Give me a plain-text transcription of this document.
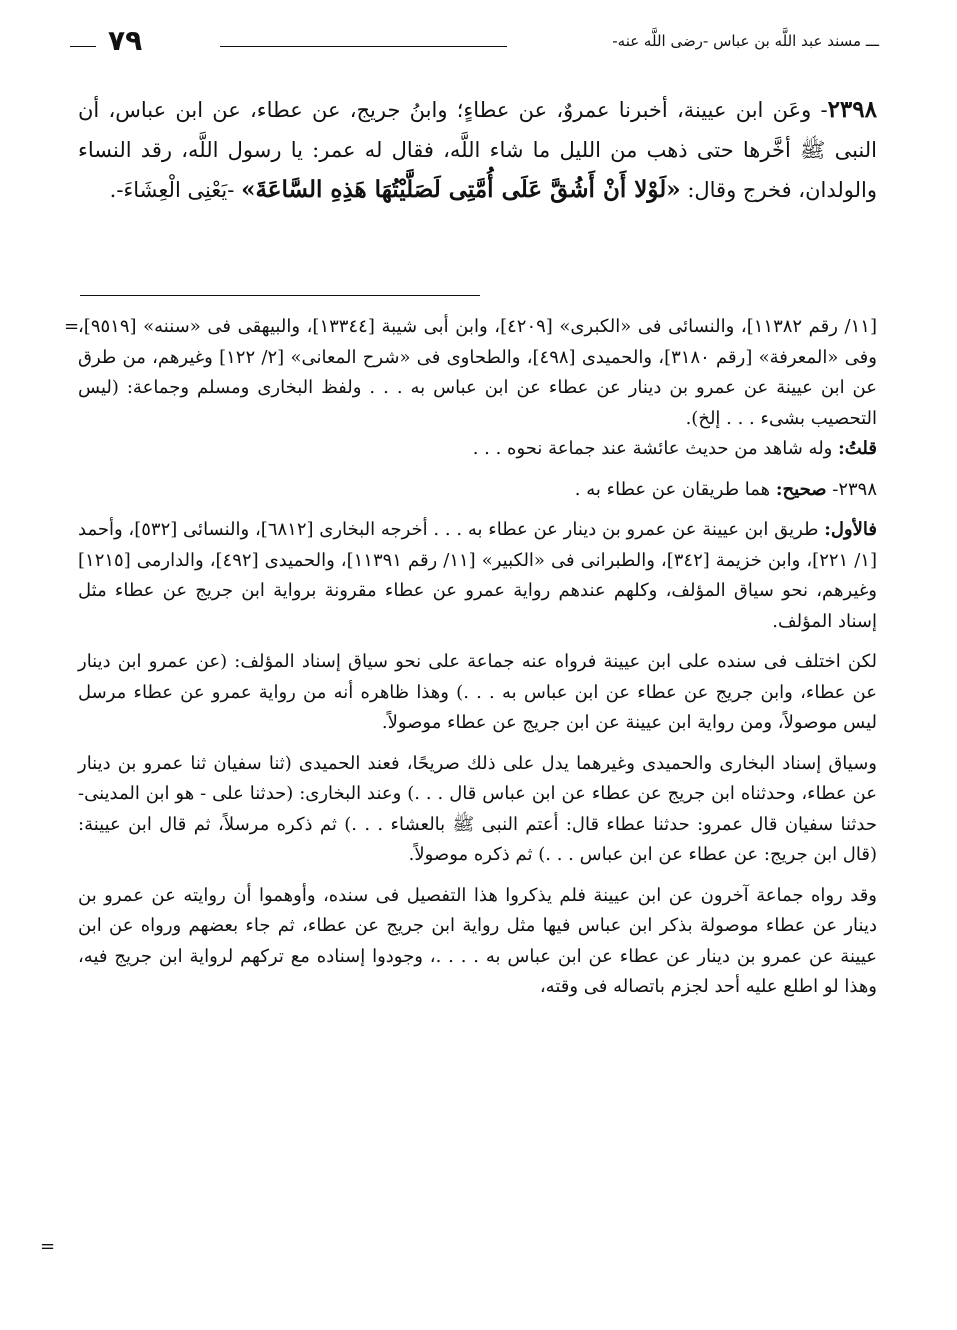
ـــ مسند عبد اللَّه بن عباس -رضى اللَّه عنه-
٧٩

٢٣٩٨- وعَن ابن عيينة، أخبرنا عمروٌ، عن عطاءٍ؛ وابنُ جريج، عن عطاء، عن ابن عباس، أن النبى ﷺ أخَّرها حتى ذهب من الليل ما شاء اللَّه، فقال له عمر: يا رسول اللَّه، رقد النساء والولدان، فخرج وقال: «لَوْلا أَنْ أَشُقَّ عَلَى أُمَّتِى لَصَلَّيْتُهَا هَذِهِ السَّاعَةَ» -يَعْنِى الْعِشَاءَ-.

=

[١١/ رقم ١١٣٨٢]، والنسائى فى «الكبرى» [٤٢٠٩]، وابن أبى شيبة [١٣٣٤٤]، والبيهقى فى «سننه» [٩٥١٩]، وفى «المعرفة» [رقم ٣١٨٠]، والحميدى [٤٩٨]، والطحاوى فى «شرح المعانى» [٢/ ١٢٢] وغيرهم، من طرق عن ابن عيينة عن عمرو بن دينار عن عطاء عن ابن عباس به . . . ولفظ البخارى ومسلم وجماعة: (ليس التحصيب بشىء . . . إلخ).

قلتُ: وله شاهد من حديث عائشة عند جماعة نحوه . . .

٢٣٩٨- صحيح: هما طريقان عن عطاء به .

فالأول: طريق ابن عيينة عن عمرو بن دينار عن عطاء به . . . أخرجه البخارى [٦٨١٢]، والنسائى [٥٣٢]، وأحمد [١/ ٢٢١]، وابن خزيمة [٣٤٢]، والطبرانى فى «الكبير» [١١/ رقم ١١٣٩١]، والحميدى [٤٩٢]، والدارمى [١٢١٥] وغيرهم، نحو سياق المؤلف، وكلهم عندهم رواية عمرو عن عطاء مقرونة برواية ابن جريج عن عطاء مثل إسناد المؤلف.

لكن اختلف فى سنده على ابن عيينة فرواه عنه جماعة على نحو سياق إسناد المؤلف: (عن عمرو ابن دينار عن عطاء، وابن جريج عن عطاء عن ابن عباس به . . .) وهذا ظاهره أنه من رواية عمرو عن عطاء مرسل ليس موصولاً، ومن رواية ابن عيينة عن ابن جريج عن عطاء موصولاً.

وسياق إسناد البخارى والحميدى وغيرهما يدل على ذلك صريحًا، فعند الحميدى (ثنا سفيان ثنا عمرو بن دينار عن عطاء، وحدثناه ابن جريج عن عطاء عن ابن عباس قال . . .) وعند البخارى: (حدثنا على - هو ابن المدينى- حدثنا سفيان قال عمرو: حدثنا عطاء قال: أعتم النبى ﷺ بالعشاء . . .) ثم ذكره مرسلاً، ثم قال ابن عيينة: (قال ابن جريج: عن عطاء عن ابن عباس . . .) ثم ذكره موصولاً.

وقد رواه جماعة آخرون عن ابن عيينة فلم يذكروا هذا التفصيل فى سنده، وأوهموا أن روايته عن عمرو بن دينار عن عطاء موصولة بذكر ابن عباس فيها مثل رواية ابن جريج عن عطاء، ثم جاء بعضهم ورواه عن ابن عيينة عن عمرو بن دينار عن عطاء عن ابن عباس به . . . .، وجودوا إسناده مع تركهم لرواية ابن جريج فيه، وهذا لو اطلع عليه أحد لجزم باتصاله فى وقته،

=
